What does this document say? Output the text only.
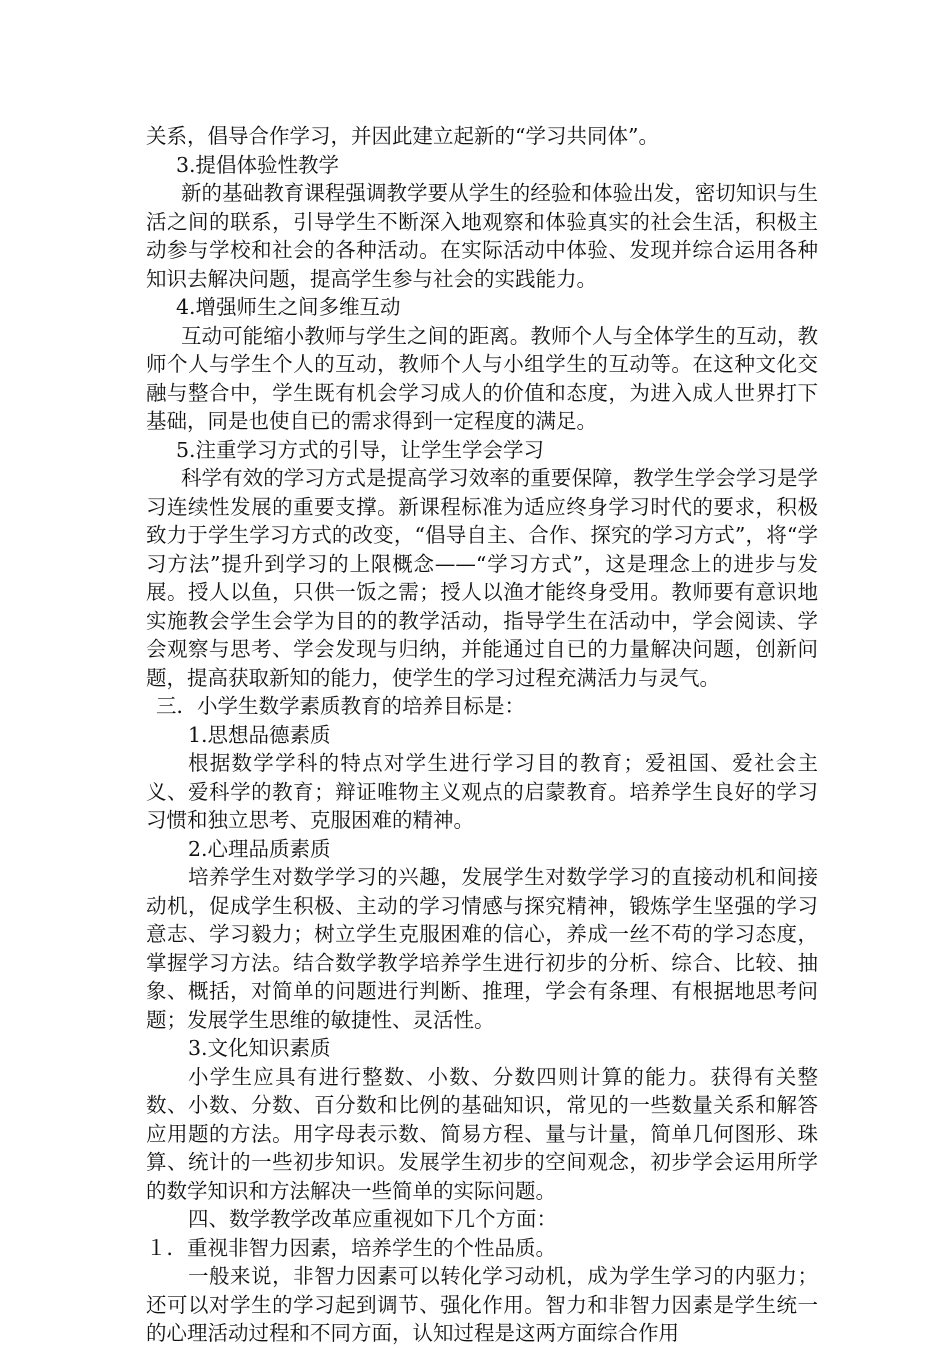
关系，倡导合作学习，并因此建立起新的“学习共同体”。

3.提倡体验性教学

新的基础教育课程强调教学要从学生的经验和体验出发，密切知识与生活之间的联系，引导学生不断深入地观察和体验真实的社会生活，积极主动参与学校和社会的各种活动。在实际活动中体验、发现并综合运用各种知识去解决问题，提高学生参与社会的实践能力。

4.增强师生之间多维互动

互动可能缩小教师与学生之间的距离。教师个人与全体学生的互动，教师个人与学生个人的互动，教师个人与小组学生的互动等。在这种文化交融与整合中，学生既有机会学习成人的价值和态度，为进入成人世界打下基础，同是也使自已的需求得到一定程度的满足。

5.注重学习方式的引导，让学生学会学习

科学有效的学习方式是提高学习效率的重要保障，教学生学会学习是学习连续性发展的重要支撑。新课程标准为适应终身学习时代的要求，积极致力于学生学习方式的改变，“倡导自主、合作、探究的学习方式”，将“学习方法”提升到学习的上限概念——“学习方式”，这是理念上的进步与发展。授人以鱼，只供一饭之需；授人以渔才能终身受用。教师要有意识地实施教会学生会学为目的的教学活动，指导学生在活动中，学会阅读、学会观察与思考、学会发现与归纳，并能通过自已的力量解决问题，创新问题，提高获取新知的能力，使学生的学习过程充满活力与灵气。

三．小学生数学素质教育的培养目标是：

1.思想品德素质

根据数学学科的特点对学生进行学习目的教育；爱祖国、爱社会主义、爱科学的教育；辩证唯物主义观点的启蒙教育。培养学生良好的学习习惯和独立思考、克服困难的精神。

2.心理品质素质

培养学生对数学学习的兴趣，发展学生对数学学习的直接动机和间接动机，促成学生积极、主动的学习情感与探究精神，锻炼学生坚强的学习意志、学习毅力；树立学生克服困难的信心，养成一丝不苟的学习态度，掌握学习方法。结合数学教学培养学生进行初步的分析、综合、比较、抽象、概括，对简单的问题进行判断、推理，学会有条理、有根据地思考问题；发展学生思维的敏捷性、灵活性。

3.文化知识素质

小学生应具有进行整数、小数、分数四则计算的能力。获得有关整数、小数、分数、百分数和比例的基础知识，常见的一些数量关系和解答应用题的方法。用字母表示数、简易方程、量与计量，简单几何图形、珠算、统计的一些初步知识。发展学生初步的空间观念，初步学会运用所学的数学知识和方法解决一些简单的实际问题。

四、数学教学改革应重视如下几个方面：

１．重视非智力因素，培养学生的个性品质。

一般来说，非智力因素可以转化学习动机，成为学生学习的内驱力；还可以对学生的学习起到调节、强化作用。智力和非智力因素是学生统一的心理活动过程和不同方面，认知过程是这两方面综合作用
